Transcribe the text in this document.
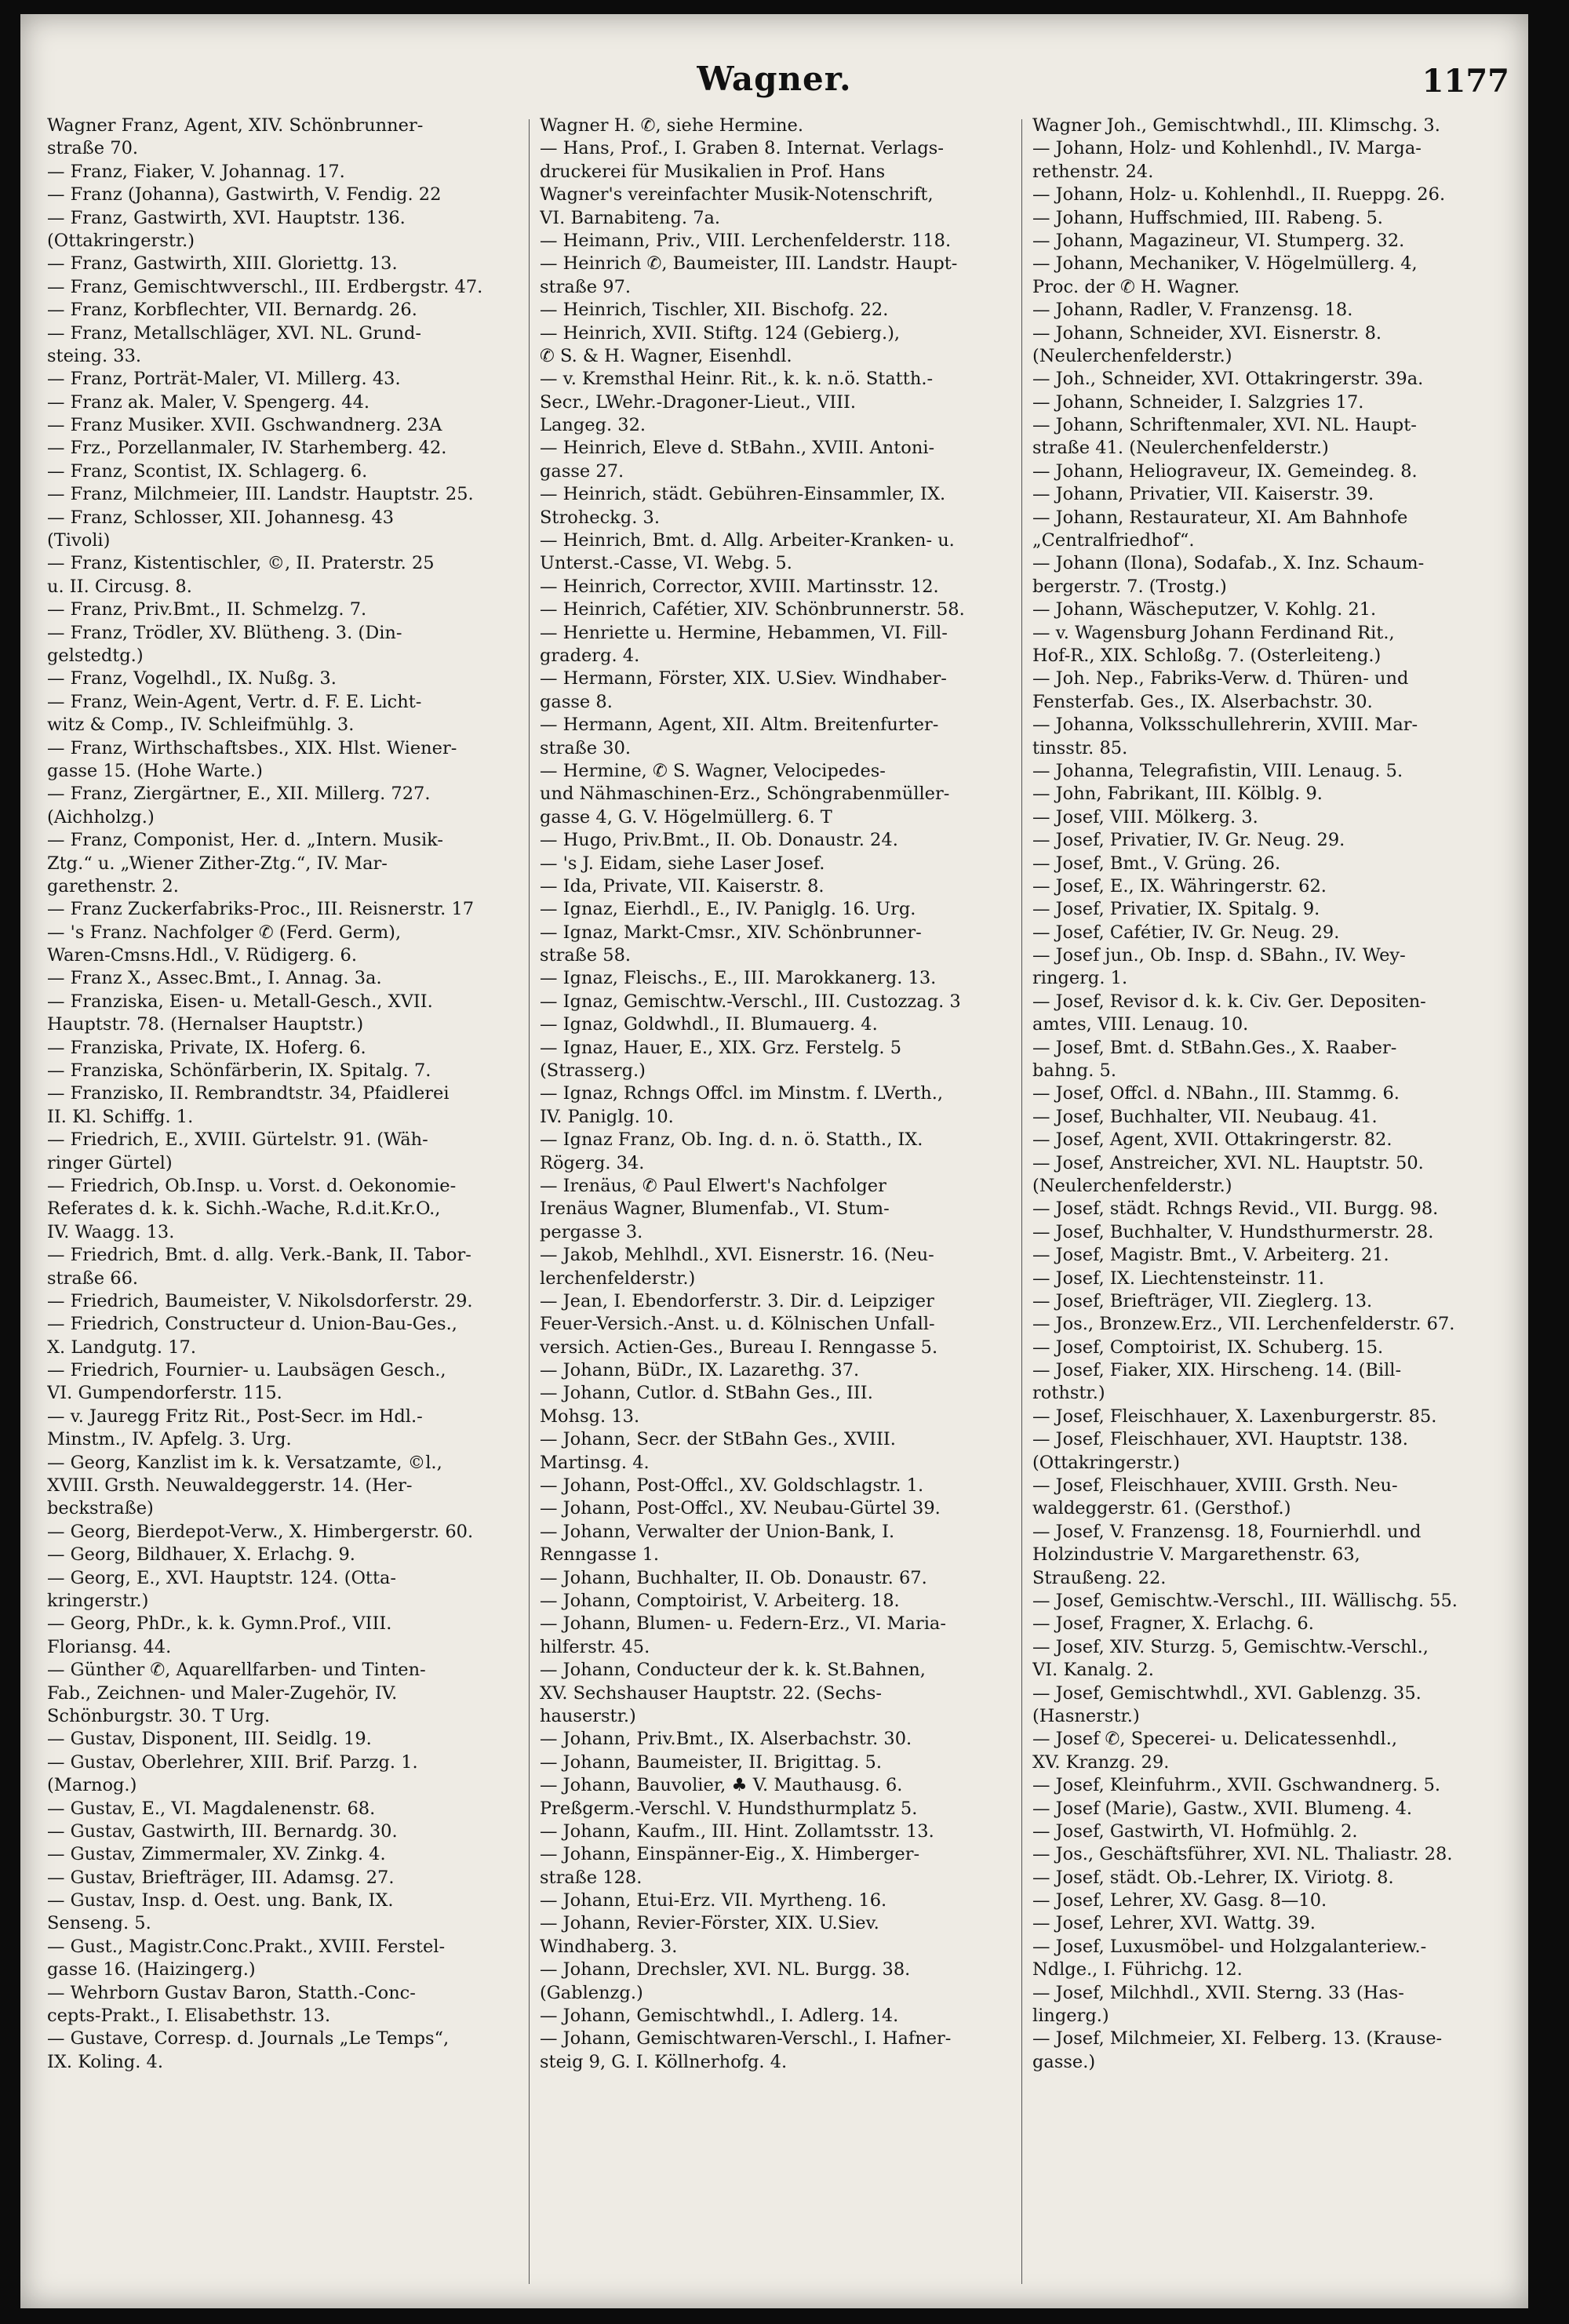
Wagner.	1177
Wagner Franz, Agent, XIV. Schönbrunner-
straße 70.
— Franz, Fiaker, V. Johannag. 17.
— Franz (Johanna), Gastwirth, V. Fendig. 22
— Franz, Gastwirth, XVI. Hauptstr. 136.
(Ottakringerstr.)
— Franz, Gastwirth, XIII. Gloriettg. 13.
— Franz, Gemischtwverschl., III. Erdbergstr. 47.
— Franz, Korbflechter, VII. Bernardg. 26.
— Franz, Metallschläger, XVI. NL. Grund-
steing. 33.
— Franz, Porträt-Maler, VI. Millerg. 43.
— Franz ak. Maler, V. Spengerg. 44.
— Franz Musiker. XVII. Gschwandnerg. 23A
— Frz., Porzellanmaler, IV. Starhemberg. 42.
— Franz, Scontist, IX. Schlagerg. 6.
— Franz, Milchmeier, III. Landstr. Hauptstr. 25.
— Franz, Schlosser, XII. Johannesg. 43
(Tivoli)
— Franz, Kistentischler, ©, II. Praterstr. 25
u. II. Circusg. 8.
— Franz, Priv.Bmt., II. Schmelzg. 7.
— Franz, Trödler, XV. Blütheng. 3. (Din-
gelstedtg.)
— Franz, Vogelhdl., IX. Nußg. 3.
— Franz, Wein-Agent, Vertr. d. F. E. Licht-
witz & Comp., IV. Schleifmühlg. 3.
— Franz, Wirthschaftsbes., XIX. Hlst. Wiener-
gasse 15. (Hohe Warte.)
— Franz, Ziergärtner, E., XII. Millerg. 727.
(Aichholzg.)
— Franz, Componist, Her. d. „Intern. Musik-
Ztg.“ u. „Wiener Zither-Ztg.“, IV. Mar-
garethenstr. 2.
— Franz Zuckerfabriks-Proc., III. Reisnerstr. 17
— 's Franz. Nachfolger ✆ (Ferd. Germ),
Waren-Cmsns.Hdl., V. Rüdigerg. 6.
— Franz X., Assec.Bmt., I. Annag. 3a.
— Franziska, Eisen- u. Metall-Gesch., XVII.
Hauptstr. 78. (Hernalser Hauptstr.)
— Franziska, Private, IX. Hoferg. 6.
— Franziska, Schönfärberin, IX. Spitalg. 7.
— Franzisko, II. Rembrandtstr. 34, Pfaidlerei
II. Kl. Schiffg. 1.
— Friedrich, E., XVIII. Gürtelstr. 91. (Wäh-
ringer Gürtel)
— Friedrich, Ob.Insp. u. Vorst. d. Oekonomie-
Referates d. k. k. Sichh.-Wache, R.d.it.Kr.O.,
IV. Waagg. 13.
— Friedrich, Bmt. d. allg. Verk.-Bank, II. Tabor-
straße 66.
— Friedrich, Baumeister, V. Nikolsdorferstr. 29.
— Friedrich, Constructeur d. Union-Bau-Ges.,
X. Landgutg. 17.
— Friedrich, Fournier- u. Laubsägen Gesch.,
VI. Gumpendorferstr. 115.
— v. Jauregg Fritz Rit., Post-Secr. im Hdl.-
Minstm., IV. Apfelg. 3. Urg.
— Georg, Kanzlist im k. k. Versatzamte, ©l.,
XVIII. Grsth. Neuwaldeggerstr. 14. (Her-
beckstraße)
— Georg, Bierdepot-Verw., X. Himbergerstr. 60.
— Georg, Bildhauer, X. Erlachg. 9.
— Georg, E., XVI. Hauptstr. 124. (Otta-
kringerstr.)
— Georg, PhDr., k. k. Gymn.Prof., VIII.
Floriansg. 44.
— Günther ✆, Aquarellfarben- und Tinten-
Fab., Zeichnen- und Maler-Zugehör, IV.
Schönburgstr. 30. T Urg.
— Gustav, Disponent, III. Seidlg. 19.
— Gustav, Oberlehrer, XIII. Brif. Parzg. 1.
(Marnog.)
— Gustav, E., VI. Magdalenenstr. 68.
— Gustav, Gastwirth, III. Bernardg. 30.
— Gustav, Zimmermaler, XV. Zinkg. 4.
— Gustav, Briefträger, III. Adamsg. 27.
— Gustav, Insp. d. Oest. ung. Bank, IX.
Senseng. 5.
— Gust., Magistr.Conc.Prakt., XVIII. Ferstel-
gasse 16. (Haizingerg.)
— Wehrborn Gustav Baron, Statth.-Conc-
cepts-Prakt., I. Elisabethstr. 13.
— Gustave, Corresp. d. Journals „Le Temps“,
IX. Koling. 4.
Wagner H. ✆, siehe Hermine.
— Hans, Prof., I. Graben 8. Internat. Verlags-
druckerei für Musikalien in Prof. Hans
Wagner's vereinfachter Musik-Notenschrift,
VI. Barnabiteng. 7a.
— Heimann, Priv., VIII. Lerchenfelderstr. 118.
— Heinrich ✆, Baumeister, III. Landstr. Haupt-
straße 97.
— Heinrich, Tischler, XII. Bischofg. 22.
— Heinrich, XVII. Stiftg. 124 (Gebierg.),
✆ S. & H. Wagner, Eisenhdl.
— v. Kremsthal Heinr. Rit., k. k. n.ö. Statth.-
Secr., LWehr.-Dragoner-Lieut., VIII.
Langeg. 32.
— Heinrich, Eleve d. StBahn., XVIII. Antoni-
gasse 27.
— Heinrich, städt. Gebühren-Einsammler, IX.
Stroheckg. 3.
— Heinrich, Bmt. d. Allg. Arbeiter-Kranken- u.
Unterst.-Casse, VI. Webg. 5.
— Heinrich, Corrector, XVIII. Martinsstr. 12.
— Heinrich, Cafétier, XIV. Schönbrunnerstr. 58.
— Henriette u. Hermine, Hebammen, VI. Fill-
graderg. 4.
— Hermann, Förster, XIX. U.Siev. Windhaber-
gasse 8.
— Hermann, Agent, XII. Altm. Breitenfurter-
straße 30.
— Hermine, ✆ S. Wagner, Velocipedes-
und Nähmaschinen-Erz., Schöngrabenmüller-
gasse 4, G. V. Högelmüllerg. 6. T
— Hugo, Priv.Bmt., II. Ob. Donaustr. 24.
— 's J. Eidam, siehe Laser Josef.
— Ida, Private, VII. Kaiserstr. 8.
— Ignaz, Eierhdl., E., IV. Paniglg. 16. Urg.
— Ignaz, Markt-Cmsr., XIV. Schönbrunner-
straße 58.
— Ignaz, Fleischs., E., III. Marokkanerg. 13.
— Ignaz, Gemischtw.-Verschl., III. Custozzag. 3
— Ignaz, Goldwhdl., II. Blumauerg. 4.
— Ignaz, Hauer, E., XIX. Grz. Ferstelg. 5
(Strasserg.)
— Ignaz, Rchngs Offcl. im Minstm. f. LVerth.,
IV. Paniglg. 10.
— Ignaz Franz, Ob. Ing. d. n. ö. Statth., IX.
Rögerg. 34.
— Irenäus, ✆ Paul Elwert's Nachfolger
Irenäus Wagner, Blumenfab., VI. Stum-
pergasse 3.
— Jakob, Mehlhdl., XVI. Eisnerstr. 16. (Neu-
lerchenfelderstr.)
— Jean, I. Ebendorferstr. 3. Dir. d. Leipziger
Feuer-Versich.-Anst. u. d. Kölnischen Unfall-
versich. Actien-Ges., Bureau I. Renngasse 5.
— Johann, BüDr., IX. Lazarethg. 37.
— Johann, Cutlor. d. StBahn Ges., III.
Mohsg. 13.
— Johann, Secr. der StBahn Ges., XVIII.
Martinsg. 4.
— Johann, Post-Offcl., XV. Goldschlagstr. 1.
— Johann, Post-Offcl., XV. Neubau-Gürtel 39.
— Johann, Verwalter der Union-Bank, I.
Renngasse 1.
— Johann, Buchhalter, II. Ob. Donaustr. 67.
— Johann, Comptoirist, V. Arbeiterg. 18.
— Johann, Blumen- u. Federn-Erz., VI. Maria-
hilferstr. 45.
— Johann, Conducteur der k. k. St.Bahnen,
XV. Sechshauser Hauptstr. 22. (Sechs-
hauserstr.)
— Johann, Priv.Bmt., IX. Alserbachstr. 30.
— Johann, Baumeister, II. Brigittag. 5.
— Johann, Bauvolier, ♣ V. Mauthausg. 6.
Preßgerm.-Verschl. V. Hundsthurmplatz 5.
— Johann, Kaufm., III. Hint. Zollamtsstr. 13.
— Johann, Einspänner-Eig., X. Himberger-
straße 128.
— Johann, Etui-Erz. VII. Myrtheng. 16.
— Johann, Revier-Förster, XIX. U.Siev.
Windhaberg. 3.
— Johann, Drechsler, XVI. NL. Burgg. 38.
(Gablenzg.)
— Johann, Gemischtwhdl., I. Adlerg. 14.
— Johann, Gemischtwaren-Verschl., I. Hafner-
steig 9, G. I. Köllnerhofg. 4.
Wagner Joh., Gemischtwhdl., III. Klimschg. 3.
— Johann, Holz- und Kohlenhdl., IV. Marga-
rethenstr. 24.
— Johann, Holz- u. Kohlenhdl., II. Rueppg. 26.
— Johann, Huffschmied, III. Rabeng. 5.
— Johann, Magazineur, VI. Stumperg. 32.
— Johann, Mechaniker, V. Högelmüllerg. 4,
Proc. der ✆ H. Wagner.
— Johann, Radler, V. Franzensg. 18.
— Johann, Schneider, XVI. Eisnerstr. 8.
(Neulerchenfelderstr.)
— Joh., Schneider, XVI. Ottakringerstr. 39a.
— Johann, Schneider, I. Salzgries 17.
— Johann, Schriftenmaler, XVI. NL. Haupt-
straße 41. (Neulerchenfelderstr.)
— Johann, Heliograveur, IX. Gemeindeg. 8.
— Johann, Privatier, VII. Kaiserstr. 39.
— Johann, Restaurateur, XI. Am Bahnhofe
„Centralfriedhof“.
— Johann (Ilona), Sodafab., X. Inz. Schaum-
bergerstr. 7. (Trostg.)
— Johann, Wäscheputzer, V. Kohlg. 21.
— v. Wagensburg Johann Ferdinand Rit.,
Hof-R., XIX. Schloßg. 7. (Osterleiteng.)
— Joh. Nep., Fabriks-Verw. d. Thüren- und
Fensterfab. Ges., IX. Alserbachstr. 30.
— Johanna, Volksschullehrerin, XVIII. Mar-
tinsstr. 85.
— Johanna, Telegrafistin, VIII. Lenaug. 5.
— John, Fabrikant, III. Kölblg. 9.
— Josef, VIII. Mölkerg. 3.
— Josef, Privatier, IV. Gr. Neug. 29.
— Josef, Bmt., V. Grüng. 26.
— Josef, E., IX. Währingerstr. 62.
— Josef, Privatier, IX. Spitalg. 9.
— Josef, Cafétier, IV. Gr. Neug. 29.
— Josef jun., Ob. Insp. d. SBahn., IV. Wey-
ringerg. 1.
— Josef, Revisor d. k. k. Civ. Ger. Depositen-
amtes, VIII. Lenaug. 10.
— Josef, Bmt. d. StBahn.Ges., X. Raaber-
bahng. 5.
— Josef, Offcl. d. NBahn., III. Stammg. 6.
— Josef, Buchhalter, VII. Neubaug. 41.
— Josef, Agent, XVII. Ottakringerstr. 82.
— Josef, Anstreicher, XVI. NL. Hauptstr. 50.
(Neulerchenfelderstr.)
— Josef, städt. Rchngs Revid., VII. Burgg. 98.
— Josef, Buchhalter, V. Hundsthurmerstr. 28.
— Josef, Magistr. Bmt., V. Arbeiterg. 21.
— Josef, IX. Liechtensteinstr. 11.
— Josef, Briefträger, VII. Zieglerg. 13.
— Jos., Bronzew.Erz., VII. Lerchenfelderstr. 67.
— Josef, Comptoirist, IX. Schuberg. 15.
— Josef, Fiaker, XIX. Hirscheng. 14. (Bill-
rothstr.)
— Josef, Fleischhauer, X. Laxenburgerstr. 85.
— Josef, Fleischhauer, XVI. Hauptstr. 138.
(Ottakringerstr.)
— Josef, Fleischhauer, XVIII. Grsth. Neu-
waldeggerstr. 61. (Gersthof.)
— Josef, V. Franzensg. 18, Fournierhdl. und
Holzindustrie V. Margarethenstr. 63,
Straußeng. 22.
— Josef, Gemischtw.-Verschl., III. Wällischg. 55.
— Josef, Fragner, X. Erlachg. 6.
— Josef, XIV. Sturzg. 5, Gemischtw.-Verschl.,
VI. Kanalg. 2.
— Josef, Gemischtwhdl., XVI. Gablenzg. 35.
(Hasnerstr.)
— Josef ✆, Specerei- u. Delicatessenhdl.,
XV. Kranzg. 29.
— Josef, Kleinfuhrm., XVII. Gschwandnerg. 5.
— Josef (Marie), Gastw., XVII. Blumeng. 4.
— Josef, Gastwirth, VI. Hofmühlg. 2.
— Jos., Geschäftsführer, XVI. NL. Thaliastr. 28.
— Josef, städt. Ob.-Lehrer, IX. Viriotg. 8.
— Josef, Lehrer, XV. Gasg. 8—10.
— Josef, Lehrer, XVI. Wattg. 39.
— Josef, Luxusmöbel- und Holzgalanteriew.-
Ndlge., I. Führichg. 12.
— Josef, Milchhdl., XVII. Sterng. 33 (Has-
lingerg.)
— Josef, Milchmeier, XI. Felberg. 13. (Krause-
gasse.)
